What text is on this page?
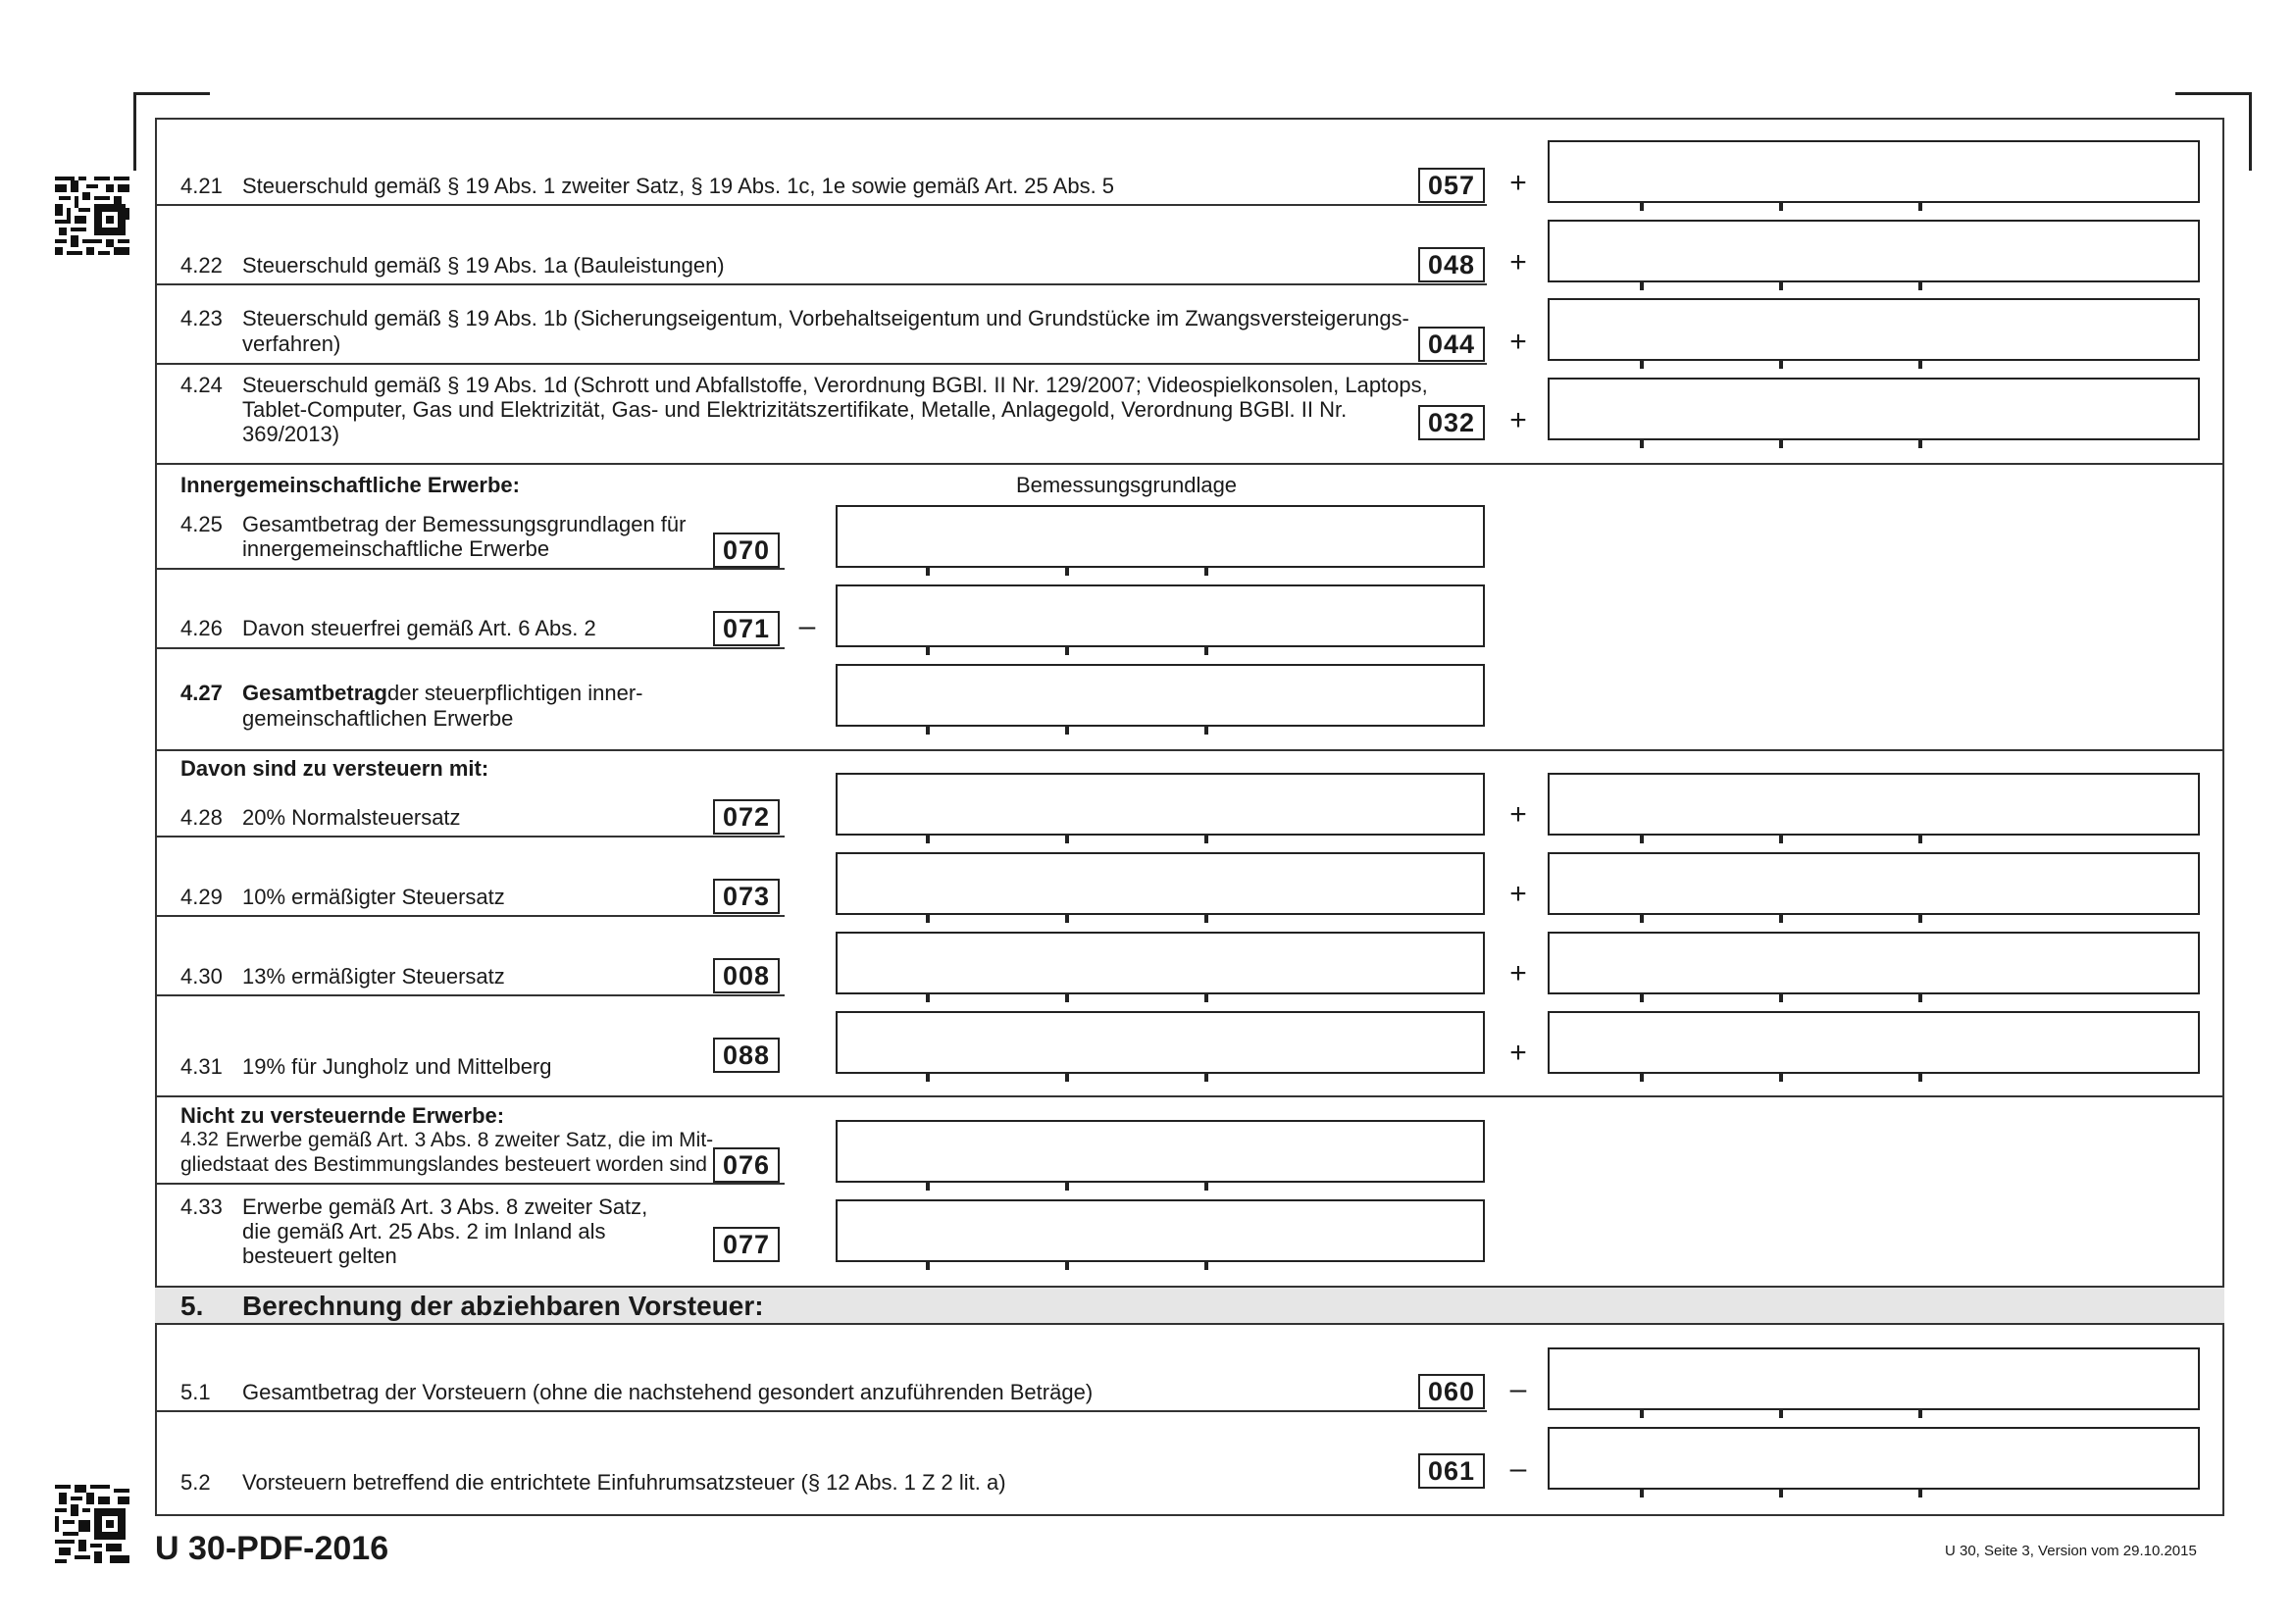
4.21 Steuerschuld gemäß § 19 Abs. 1 zweiter Satz, § 19 Abs. 1c, 1e sowie gemäß Art. 25 Abs. 5	057	+
4.22 Steuerschuld gemäß § 19 Abs. 1a (Bauleistungen)	048	+
4.23 Steuerschuld gemäß § 19 Abs. 1b (Sicherungseigentum, Vorbehaltseigentum und Grundstücke im Zwangsversteigerungs-
verfahren)	044	+
4.24 Steuerschuld gemäß § 19 Abs. 1d (Schrott und Abfallstoffe, Verordnung BGBl. II Nr. 129/2007; Videospielkonsolen, Laptops,
Tablet-Computer, Gas und Elektrizität, Gas- und Elektrizitätszertifikate, Metalle, Anlagegold, Verordnung BGBl. II Nr.
369/2013)	032	+
Innergemeinschaftliche Erwerbe:	Bemessungsgrundlage
4.25 Gesamtbetrag der Bemessungsgrundlagen für
innergemeinschaftliche Erwerbe	070
4.26 Davon steuerfrei gemäß Art. 6 Abs. 2	071 –
4.27 Gesamtbetrag der steuerpflichtigen inner-
gemeinschaftlichen Erwerbe
Davon sind zu versteuern mit:
4.28 20% Normalsteuersatz	072	+
4.29 10% ermäßigter Steuersatz	073	+
4.30 13% ermäßigter Steuersatz	008	+
4.31 19% für Jungholz und Mittelberg	088	+
Nicht zu versteuernde Erwerbe:
4.32 Erwerbe gemäß Art. 3 Abs. 8 zweiter Satz, die im Mit-
gliedstaat des Bestimmungslandes besteuert worden sind 076
4.33 Erwerbe gemäß Art. 3 Abs. 8 zweiter Satz,
die gemäß Art. 25 Abs. 2 im Inland als
besteuert gelten	077
5. Berechnung der abziehbaren Vorsteuer:
5.1 Gesamtbetrag der Vorsteuern (ohne die nachstehend gesondert anzuführenden Beträge)	060	–
5.2 Vorsteuern betreffend die entrichtete Einfuhrumsatzsteuer (§ 12 Abs. 1 Z 2 lit. a)	061	–
U 30-PDF-2016	U 30, Seite 3, Version vom 29.10.2015
